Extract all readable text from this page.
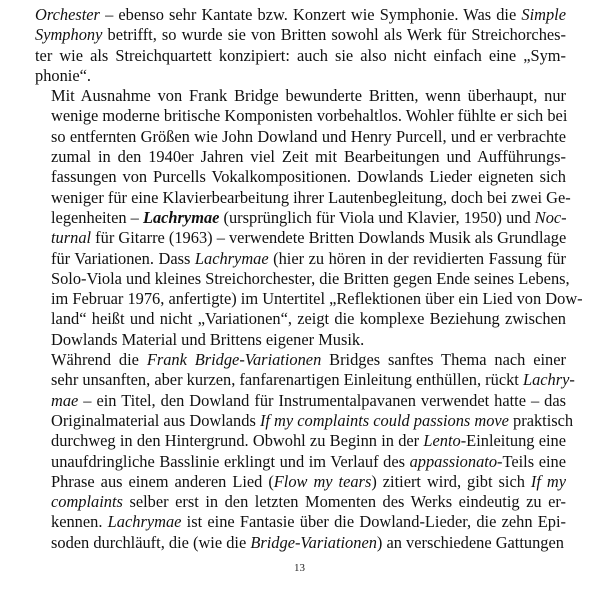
Orchester – ebenso sehr Kantate bzw. Konzert wie Symphonie. Was die Simple
Symphony betrifft, so wurde sie von Britten sowohl als Werk für Streichorches-
ter wie als Streichquartett konzipiert: auch sie also nicht einfach eine „Sym-
phonie“.

Mit Ausnahme von Frank Bridge bewunderte Britten, wenn überhaupt, nur
wenige moderne britische Komponisten vorbehaltlos. Wohler fühlte er sich bei
so entfernten Größen wie John Dowland und Henry Purcell, und er verbrachte
zumal in den 1940er Jahren viel Zeit mit Bearbeitungen und Aufführungs-
fassungen von Purcells Vokalkompositionen. Dowlands Lieder eigneten sich
weniger für eine Klavierbearbeitung ihrer Lautenbegleitung, doch bei zwei Ge-
legenheiten – Lachrymae (ursprünglich für Viola und Klavier, 1950) und Noc-
turnal für Gitarre (1963) – verwendete Britten Dowlands Musik als Grundlage
für Variationen. Dass Lachrymae (hier zu hören in der revidierten Fassung für
Solo-Viola und kleines Streichorchester, die Britten gegen Ende seines Lebens,
im Februar 1976, anfertigte) im Untertitel „Reflektionen über ein Lied von Dow-
land“ heißt und nicht „Variationen“, zeigt die komplexe Beziehung zwischen
Dowlands Material und Brittens eigener Musik.

Während die Frank Bridge-Variationen Bridges sanftes Thema nach einer
sehr unsanften, aber kurzen, fanfarenartigen Einleitung enthüllen, rückt Lachry-
mae – ein Titel, den Dowland für Instrumentalpavanen verwendet hatte – das
Originalmaterial aus Dowlands If my complaints could passions move praktisch
durchweg in den Hintergrund. Obwohl zu Beginn in der Lento-Einleitung eine
unaufdringliche Basslinie erklingt und im Verlauf des appassionato-Teils eine
Phrase aus einem anderen Lied (Flow my tears) zitiert wird, gibt sich If my
complaints selber erst in den letzten Momenten des Werks eindeutig zu er-
kennen. Lachrymae ist eine Fantasie über die Dowland-Lieder, die zehn Epi-
soden durchläuft, die (wie die Bridge-Variationen) an verschiedene Gattungen

13
